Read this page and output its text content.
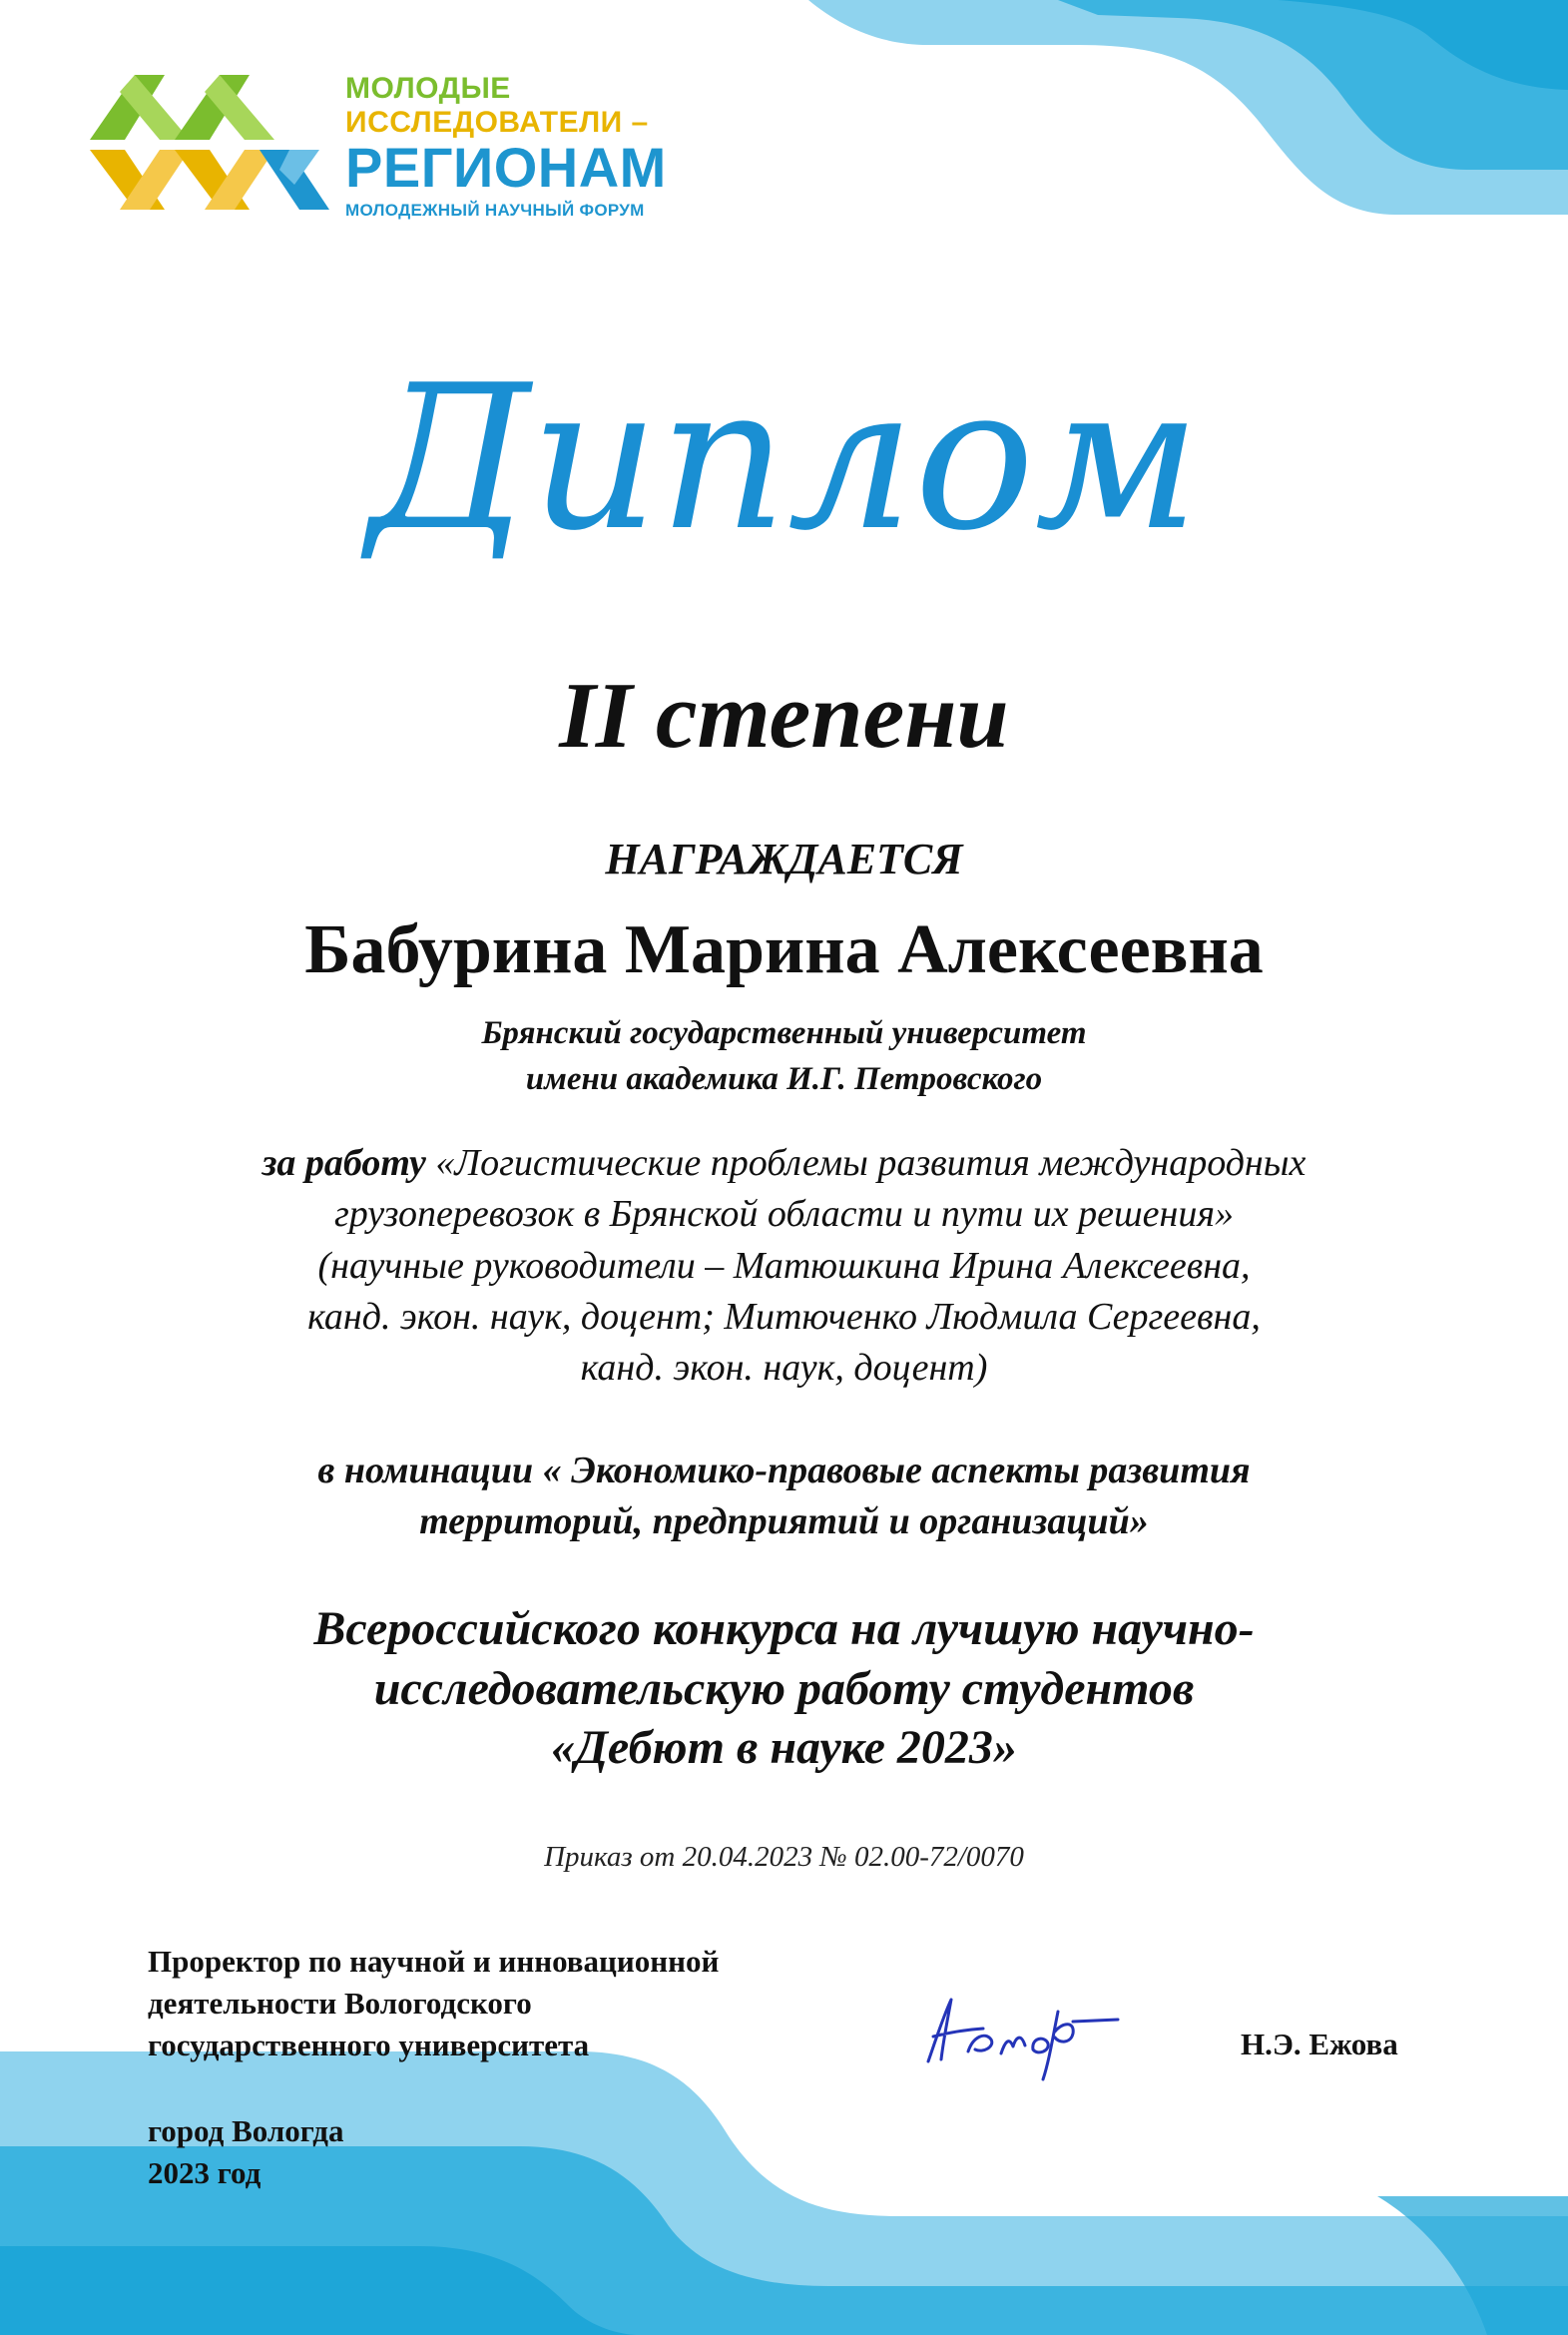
МОЛОДЫЕ
ИССЛЕДОВАТЕЛИ –
РЕГИОНАМ
МОЛОДЕЖНЫЙ НАУЧНЫЙ ФОРУМ
Диплом
II степени
НАГРАЖДАЕТСЯ
Бабурина Марина Алексеевна
Брянский государственный университет
имени академика И.Г. Петровского
за работу «Логистические проблемы развития международных
грузоперевозок в Брянской области и пути их решения»
(научные руководители – Матюшкина Ирина Алексеевна,
канд. экон. наук, доцент; Митюченко Людмила Сергеевна,
канд. экон. наук, доцент)
в номинации « Экономико-правовые аспекты развития
территорий, предприятий и организаций»
Всероссийского конкурса на лучшую научно-
исследовательскую работу студентов
«Дебют в науке 2023»
Приказ от 20.04.2023 № 02.00-72/0070
Проректор по научной и инновационной
деятельности Вологодского
государственного университета	Н.Э. Ежова
город Вологда
2023 год
